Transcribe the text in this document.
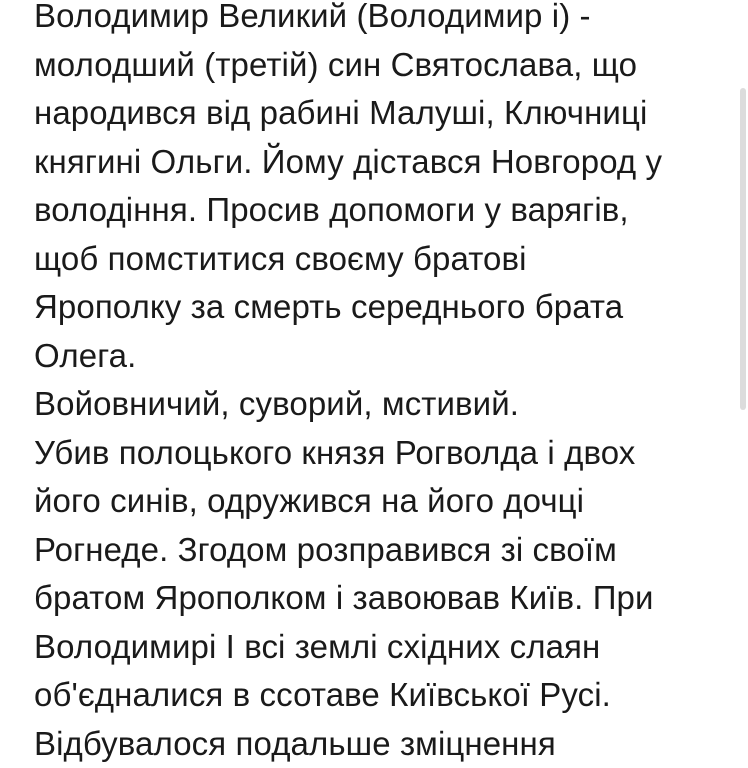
Володимир Великий (Володимир і) -
молодший (третій) син Святослава, що
народився від рабині Малуші, Ключниці
княгині Ольги. Йому дістався Новгород у
володіння. Просив допомоги у варягів,
щоб помститися своєму братові
Ярополку за смерть середнього брата
Олега.
Войовничий, суворий, мстивий.
Убив полоцького князя Рогволда і двох
його синів, одружився на його дочці
Рогнеде. Згодом розправився зі своїм
братом Ярополком і завоював Київ. При
Володимирі І всі землі східних слаян
об'єдналися в ссотаве Київської Русі.
Відбувалося подальше зміцнення
